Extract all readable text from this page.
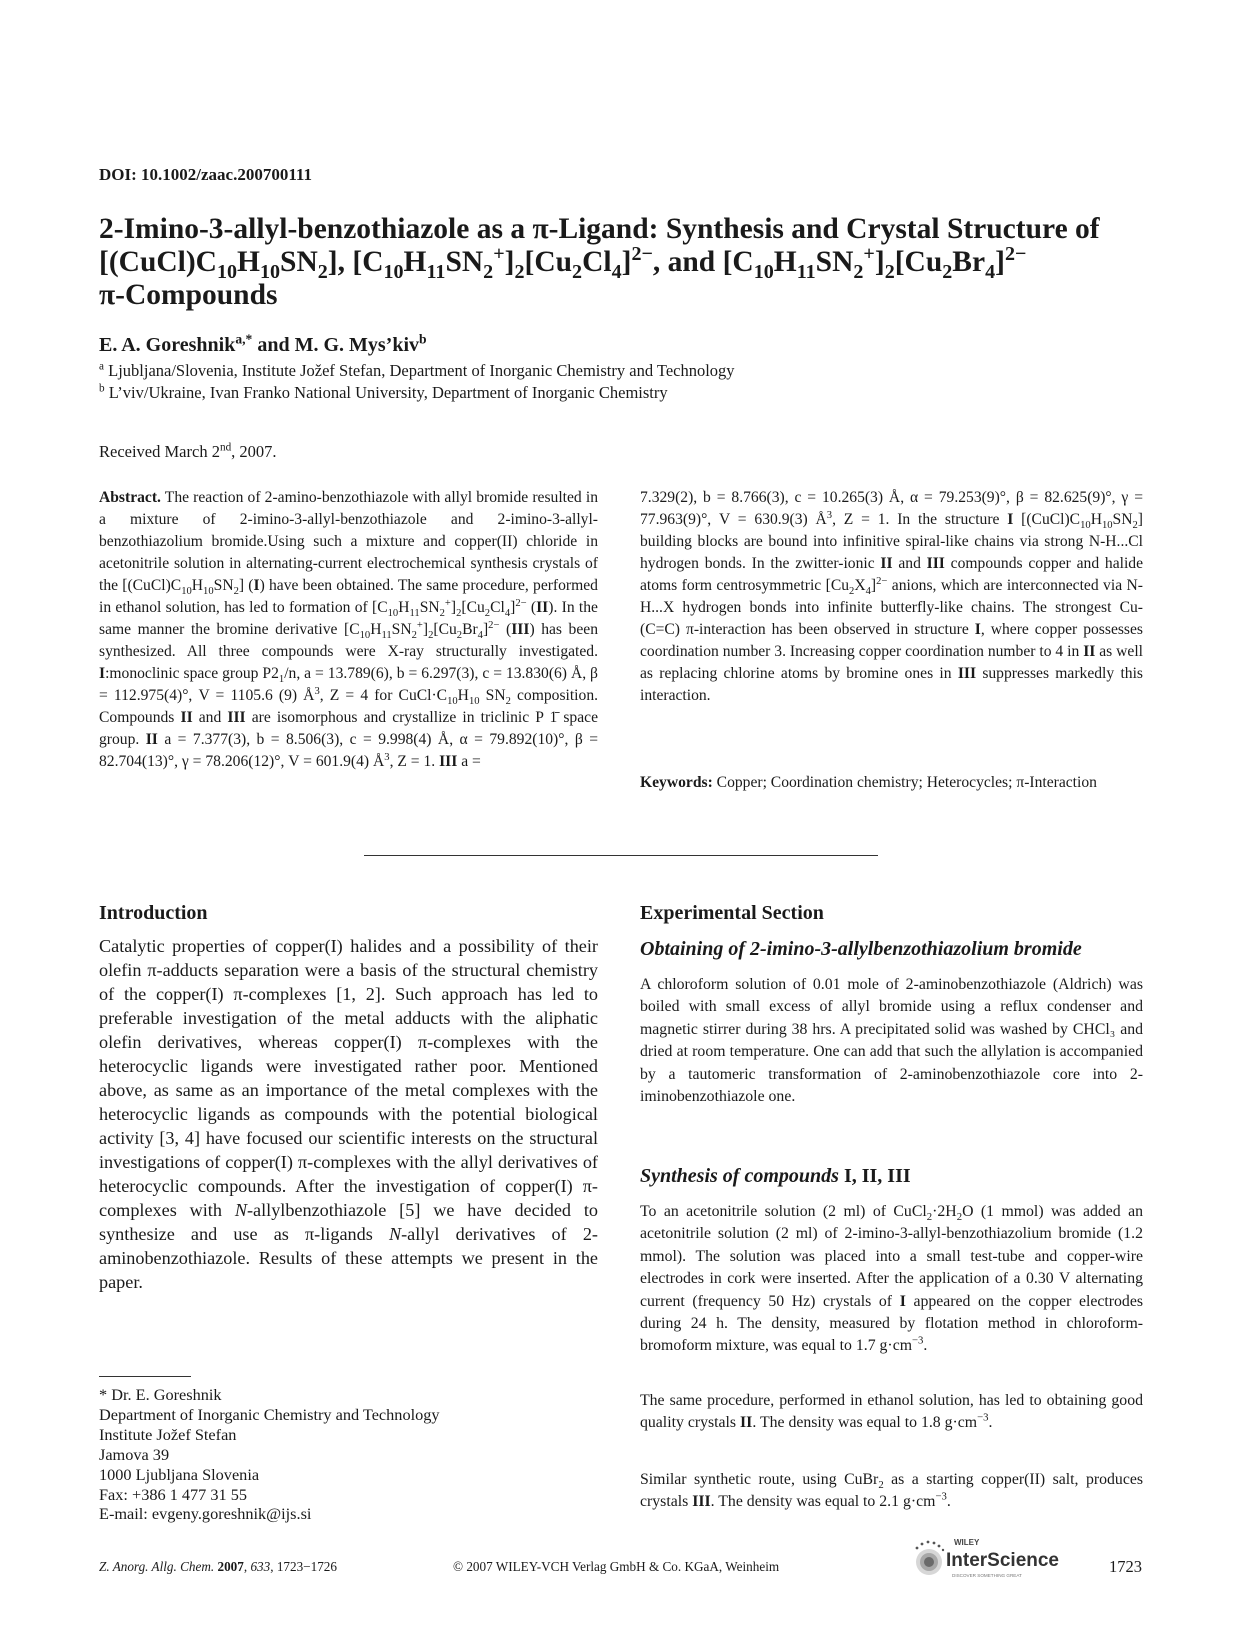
DOI: 10.1002/zaac.200700111
2-Imino-3-allyl-benzothiazole as a π-Ligand: Synthesis and Crystal Structure of
$[(CuCl)C_{10}H_{10}SN_2]$, $[C_{10}H_{11}SN_2^+]_2[Cu_2Cl_4]^{2-}$, and $[C_{10}H_{11}SN_2^+]_2[Cu_2Br_4]^{2-}$
π-Compounds
E. A. Goreshnik$^{a,*}$ and M. G. Mys’kiv$^b$
$^a$ Ljubljana/Slovenia, Institute Jožef Stefan, Department of Inorganic Chemistry and Technology
$^b$ L’viv/Ukraine, Ivan Franko National University, Department of Inorganic Chemistry
Received March 2nd, 2007.
Abstract. The reaction of 2-amino-benzothiazole with allyl bromide resulted in a mixture of 2-imino-3-allyl-benzothiazole and 2-imino-3-allyl-benzothiazolium bromide.Using such a mixture and copper(II) chloride in acetonitrile solution in alternating-current electrochemical synthesis crystals of the $[(CuCl)C_{10}H_{10}SN_2]$ (I) have been obtained. The same procedure, performed in ethanol solution, has led to formation of $[C_{10}H_{11}SN_2^+]_2[Cu_2Cl_4]^{2-}$ (II). In the same manner the bromine derivative $[C_{10}H_{11}SN_2^+]_2[Cu_2Br_4]^{2-}$ (III) has been synthesized. All three compounds were X-ray structurally investigated. I:monoclinic space group $P2_1/n$, a = 13.789(6), b = 6.297(3), c = 13.830(6) Å, β = 112.975(4)°, V = 1105.6 (9) $Å^3$, Z = 4 for $CuCl\cdot C_{10}H_{10}$ $SN_2$ composition. Compounds II and III are isomorphous and crystallize in triclinic P 1̄ space group. II a = 7.377(3), b = 8.506(3), c = 9.998(4) Å, α = 79.892(10)°, β = 82.704(13)°, γ = 78.206(12)°, V = 601.9(4) $Å^3$, Z = 1. III a =
7.329(2), b = 8.766(3), c = 10.265(3) Å, α = 79.253(9)°, β = 82.625(9)°, γ = 77.963(9)°, V = 630.9(3) $Å^3$, Z = 1. In the structure I $[(CuCl)C_{10}H_{10}SN_2]$ building blocks are bound into infinitive spiral-like chains via strong N-H...Cl hydrogen bonds. In the zwitter-ionic II and III compounds copper and halide atoms form centrosymmetric $[Cu_2X_4]^{2-}$ anions, which are interconnected via N-H...X hydrogen bonds into infinite butterfly-like chains. The strongest Cu-(C=C) π-interaction has been observed in structure I, where copper possesses coordination number 3. Increasing copper coordination number to 4 in II as well as replacing chlorine atoms by bromine ones in III suppresses markedly this interaction.
Keywords: Copper; Coordination chemistry; Heterocycles; π-Interaction
Introduction
Catalytic properties of copper(I) halides and a possibility of their olefin π-adducts separation were a basis of the structural chemistry of the copper(I) π-complexes [1, 2]. Such approach has led to preferable investigation of the metal adducts with the aliphatic olefin derivatives, whereas copper(I) π-complexes with the heterocyclic ligands were investigated rather poor. Mentioned above, as same as an importance of the metal complexes with the heterocyclic ligands as compounds with the potential biological activity [3, 4] have focused our scientific interests on the structural investigations of copper(I) π-complexes with the allyl derivatives of heterocyclic compounds. After the investigation of copper(I) π-complexes with N-allylbenzothiazole [5] we have decided to synthesize and use as π-ligands N-allyl derivatives of 2-aminobenzothiazole. Results of these attempts we present in the paper.
* Dr. E. Goreshnik
Department of Inorganic Chemistry and Technology
Institute Jožef Stefan
Jamova 39
1000 Ljubljana Slovenia
Fax: +386 1 477 31 55
E-mail: evgeny.goreshnik@ijs.si
Experimental Section
Obtaining of 2-imino-3-allylbenzothiazolium bromide
A chloroform solution of 0.01 mole of 2-aminobenzothiazole (Aldrich) was boiled with small excess of allyl bromide using a reflux condenser and magnetic stirrer during 38 hrs. A precipitated solid was washed by CHCl₃ and dried at room temperature. One can add that such the allylation is accompanied by a tautomeric transformation of 2-aminobenzothiazole core into 2-iminobenzothiazole one.
Synthesis of compounds I, II, III
To an acetonitrile solution (2 ml) of $CuCl_2\cdot 2H_2O$ (1 mmol) was added an acetonitrile solution (2 ml) of 2-imino-3-allyl-benzothiazolium bromide (1.2 mmol). The solution was placed into a small test-tube and copper-wire electrodes in cork were inserted. After the application of a 0.30 V alternating current (frequency 50 Hz) crystals of I appeared on the copper electrodes during 24 h. The density, measured by flotation method in chloroform-bromoform mixture, was equal to 1.7 $g\cdot cm^{-3}$.
The same procedure, performed in ethanol solution, has led to obtaining good quality crystals II. The density was equal to 1.8 $g\cdot cm^{-3}$.
Similar synthetic route, using CuBr$_2$ as a starting copper(II) salt, produces crystals III. The density was equal to 2.1 $g\cdot cm^{-3}$.
Z. Anorg. Allg. Chem. 2007, 633, 1723−1726	© 2007 WILEY-VCH Verlag GmbH & Co. KGaA, Weinheim
WILEY
InterScience
DISCOVER SOMETHING GREAT	1723
